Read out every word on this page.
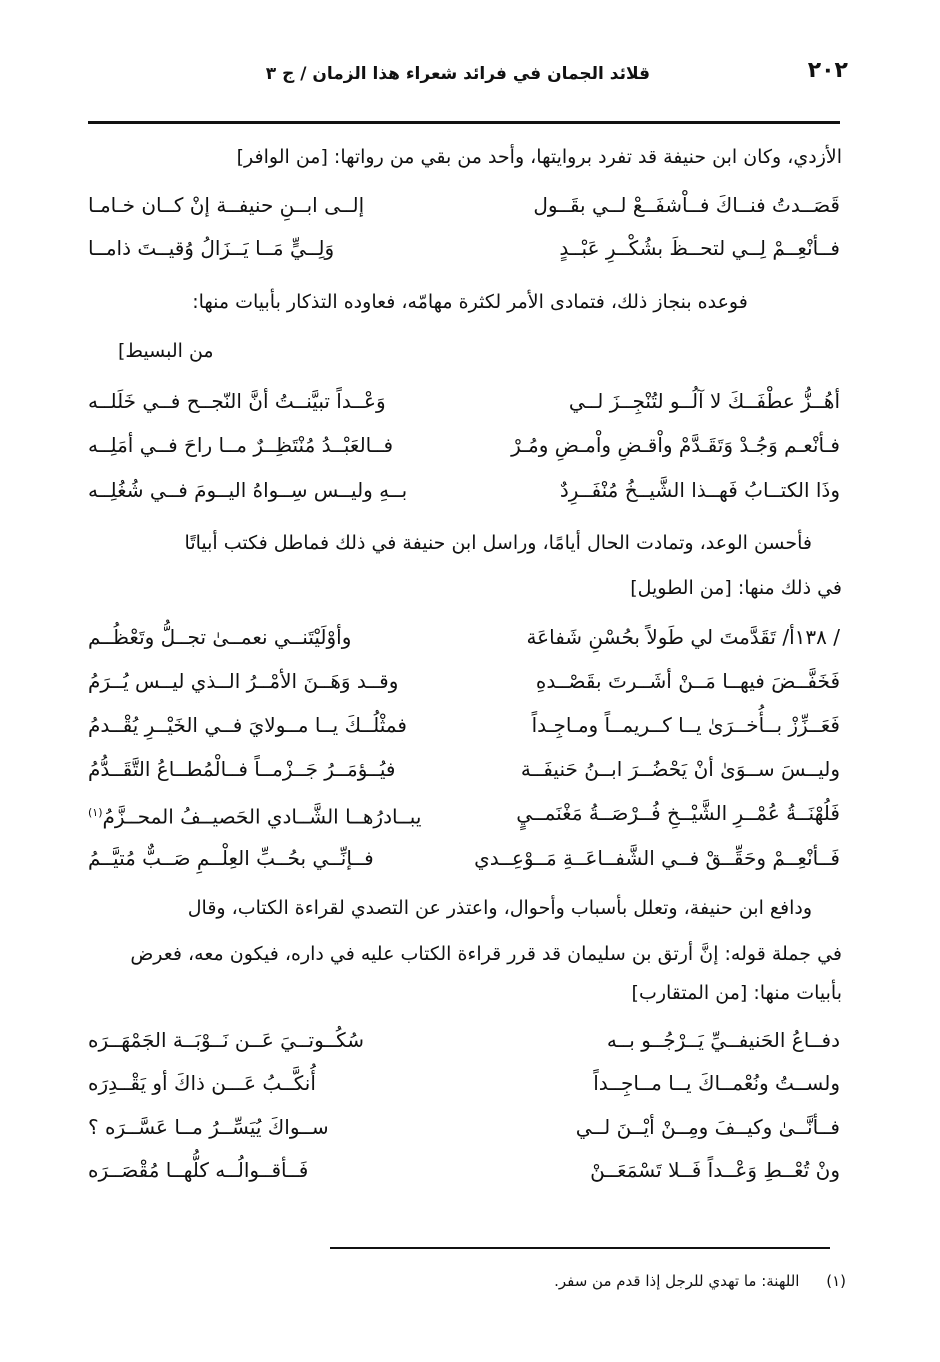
٢٠٢
قلائد الجمان في فرائد شعراء هذا الزمان / ج ٣
الأزدي، وكان ابن حنيفة قد تفرد بروايتها، وأحد من بقي من رواتها: [من الوافر]
قَصَــدتُ فنــاكَ فــاْشفَــعْ لــي بقَــول
إلــى ابــنِ حنيفــة إنْ كــان خـامـا
فــأنْعِــمْ لِــي لتحــظَ بشُكْــرِ عَبْــدٍ
وَلِــيٍّ مَــا يَــزَالُ وُقيــتَ ذامــا
فوعده بنجاز ذلك، فتمادى الأمر لكثرة مهامّه، فعاوده التذكار بأبيات منها:
من البسيط]
أهُــزُّ عطْفَــكَ لا آلُــو لتُنْجِــزَ لــي
وَعْــداً تبيَّنــتُ أنَّ النّجــح فــي خَلَلــه
فـأنْعـم وَجُـدْ وَتَقَـدَّمْ واْقـضِ واْمـضِ ومُـرْ
فــالعَبْــدُ مُنْتَظِــرٌ مــا راحَ فــي أمَلِــه
وذَا الكتــابُ فَهــذا الشَّيــخُ مُنْفَــرِدٌ
بــهِ وليــس سِــواهُ اليــومَ فــي شُغُلِــه
فأحسن الوعد، وتمادت الحال أيامًا، وراسل ابن حنيفة في ذلك فماطل فكتب أبياتًا
في ذلك منها: [من الطويل]
/ ١٣٨أ/ تَقَدَّمتَ لي طَولاً بحُسْنِ شَفاعَة
وأوْلَيْتَنــي نعمــىٰ تجــلُّ وتَعْظُــم
فَخَفَّــضَ فيهــا مَــنْ أشَــرتَ بقَصْــدهِ
وقــد وَهَــنَ الأمْــرُ الــذي ليــس يُــرَمُ
فَعَــزِّزْ بــأُخــرَىٰ يــا كــريمــاً ومـاجِـداً
فمثْلُــكَ يــا مــولايَ فــي الخَيْــرِ يُقْــدمُ
وليــسَ ســوَىٰ أنْ يَحْضُــرَ ابــنُ حَنيفَــة
فيُــؤمَــرُ جَــزْمــاً فــالْمُطــاعُ التَّقَــدُّمُ
فَلُهْنَــةُ عُمْــرِ الشَّيْــخِ فُــرْصَــةُ مَغْنَمــيٍ
يبــادرُهــا الشَّــادي الحَصيــفُ المحــزَّمُ$^{(١)}$
فَــأنْعِــمْ وحَقِّــقْ فــي الشَّفــاعَــةِ مَــوْعِــدي
فــإنِّــي بحُــبِّ العِلْــمِ صَــبٌّ مُتيَّــمُ
ودافع ابن حنيفة، وتعلل بأسباب وأحوال، واعتذر عن التصدي لقراءة الكتاب، وقال
في جملة قوله: إنَّ أرتق بن سليمان قد قرر قراءة الكتاب عليه في داره، فيكون معه، فعرض
بأبيات منها: [من المتقارب]
دفــاعُ الحَنيفــيِّ يَــرْجُــو بــه
سُكُــوتــيَ عَــن نَــوْبَــة الجَمْهَــرَه
ولســتُ ونُعْمــاكَ يــا مــاجِــداً
أُنكَّــبُ عَـــن ذاكَ أو يَقْــدِرَه
فــأنَّــىٰ وكيــفَ ومِــنْ أيْــنَ لــي
ســواكَ يُيَسِّــرُ مــا عَسَّــرَه ؟
ونْ تُعْــطِ وَعْــداً فَــلا تَسْمَعَــنْ
فَــأقــوالُــه كلُّهــا مُقْصَــرَه
(١) اللهنة: ما تهدي للرجل إذا قدم من سفر.
